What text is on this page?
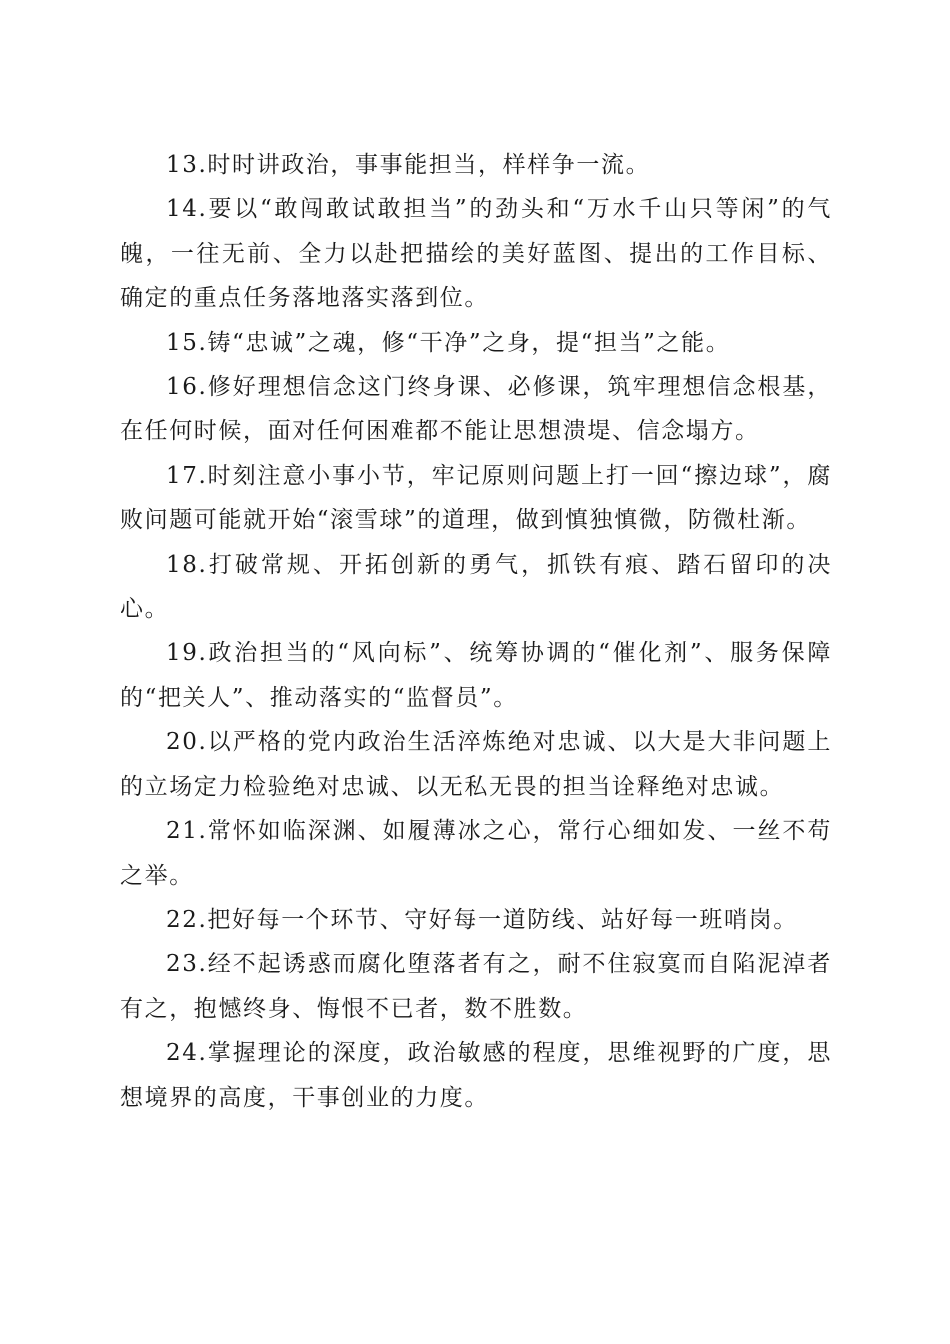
13.时时讲政治，事事能担当，样样争一流。

14.要以“敢闯敢试敢担当”的劲头和“万水千山只等闲”的气魄，一往无前、全力以赴把描绘的美好蓝图、提出的工作目标、确定的重点任务落地落实落到位。

15.铸“忠诚”之魂，修“干净”之身，提“担当”之能。

16.修好理想信念这门终身课、必修课，筑牢理想信念根基，在任何时候，面对任何困难都不能让思想溃堤、信念塌方。

17.时刻注意小事小节，牢记原则问题上打一回“擦边球”，腐败问题可能就开始“滚雪球”的道理，做到慎独慎微，防微杜渐。

18.打破常规、开拓创新的勇气，抓铁有痕、踏石留印的决心。

19.政治担当的“风向标”、统筹协调的“催化剂”、服务保障的“把关人”、推动落实的“监督员”。

20.以严格的党内政治生活淬炼绝对忠诚、以大是大非问题上的立场定力检验绝对忠诚、以无私无畏的担当诠释绝对忠诚。

21.常怀如临深渊、如履薄冰之心，常行心细如发、一丝不苟之举。

22.把好每一个环节、守好每一道防线、站好每一班哨岗。

23.经不起诱惑而腐化堕落者有之，耐不住寂寞而自陷泥淖者有之，抱憾终身、悔恨不已者，数不胜数。

24.掌握理论的深度，政治敏感的程度，思维视野的广度，思想境界的高度，干事创业的力度。
